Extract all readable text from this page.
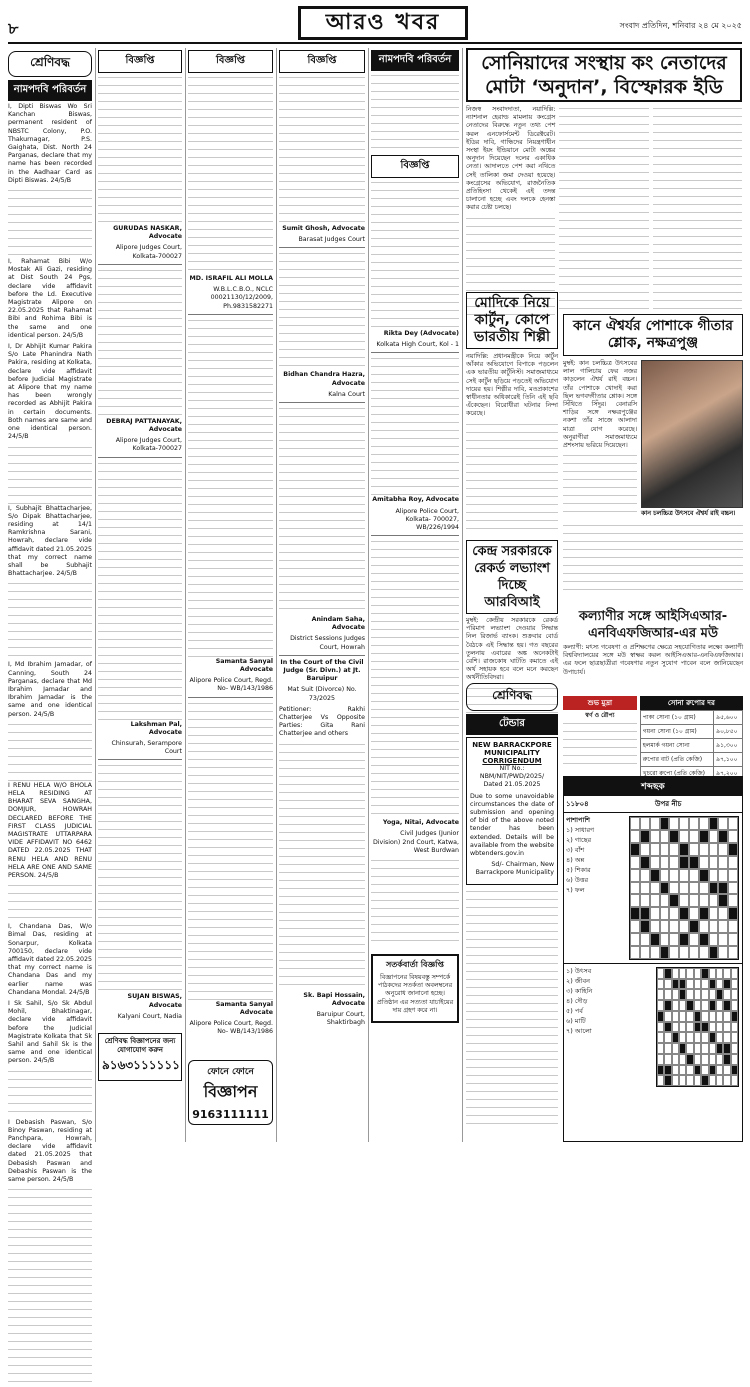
৮	আরও খবর	সংবাদ প্রতিদিন, শনিবার ২৪ মে ২০২৫
শ্রেণিবদ্ধ
নামপদবি পরিবর্তন

I, Dipti Biswas Wo Sri Kanchan Biswas, permanent resident of NBSTC Colony, P.O. Thakurnagar, P.S. Gaighata, Dist. North 24 Parganas, declare that my name has been recorded in the Aadhaar Card as Dipti Biswas. 24/5/B

I, Rahamat Bibi W/o Mostak Ali Gazi, residing at Dist South 24 Pgs, declare vide affidavit before the Ld. Executive Magistrate Alipore on 22.05.2025 that Rahamat Bibi and Rohima Bibi is the same and one identical person. 24/5/B

I, Dr Abhijit Kumar Pakira S/o Late Phanindra Nath Pakira, residing at Kolkata, declare vide affidavit before Judicial Magistrate at Alipore that my name has been wrongly recorded as Abhijit Pakira in certain documents. Both names are same and one identical person. 24/5/B

I, Subhajit Bhattacharjee, S/o Dipak Bhattacharjee, residing at 14/1 Ramkrishna Sarani, Howrah, declare vide affidavit dated 21.05.2025 that my correct name shall be Subhajit Bhattacharjee. 24/5/B

I, Md Ibrahim Jamadar, of Canning, South 24 Parganas, declare that Md Ibrahim Jamadar and Ibrahim Jamadar is the same and one identical person. 24/5/B

I RENU HELA W/O BHOLA HELA RESIDING AT BHARAT SEVA SANGHA, DOMJUR, HOWRAH DECLARED BEFORE THE FIRST CLASS JUDICIAL MAGISTRATE UTTARPARA VIDE AFFIDAVIT NO 6462 DATED 22.05.2025 THAT RENU HELA AND RENU HELA ARE ONE AND SAME PERSON. 24/5/B

I, Chandana Das, W/o Bimal Das, residing at Sonarpur, Kolkata 700150, declare vide affidavit dated 22.05.2025 that my correct name is Chandana Das and my earlier name was Chandana Mondal. 24/5/B

I Sk Sahil, S/o Sk Abdul Mohil, Bhaktinagar, declare vide affidavit before the Judicial Magistrate Kolkata that Sk Sahil and Sahil Sk is the same and one identical person. 24/5/B

I Debasish Paswan, S/o Binoy Paswan, residing at Panchpara, Howrah, declare vide affidavit dated 21.05.2025 that Debasish Paswan and Debashis Paswan is the same person. 24/5/B

বিজ্ঞপ্তি

GURUDAS NASKAR, Advocate

Alipore Judges Court, Kolkata-700027

DEBRAJ PATTANAYAK, Advocate

Alipore Judges Court, Kolkata-700027

Lakshman Pal, Advocate

Chinsurah, Serampore Court

SUJAN BISWAS, Advocate

Kalyani Court, Nadia

শ্রেণিবদ্ধ বিজ্ঞাপনের জন্য যোগাযোগ করুন
৯১৬৩১১১১১১
বিজ্ঞপ্তি

MD. ISRAFIL ALI MOLLA

W.B.L.C.B.O., NCLC 00021130/12/2009, Ph.9831582271

Samanta Sanyal Advocate

Alipore Police Court, Regd. No- WB/143/1986

Samanta Sanyal Advocate

Alipore Police Court, Regd. No- WB/143/1986

ফোনে ফোনে
বিজ্ঞাপন
9163111111
বিজ্ঞপ্তি

Sumit Ghosh, Advocate

Barasat Judges Court

Bidhan Chandra Hazra, Advocate

Kalna Court

Anindam Saha, Advocate

District Sessions Judges Court, Howrah

In the Court of the Civil Judge (Sr. Divn.) at Jt. Baruipur

Mat Suit (Divorce) No. 73/2025

Petitioner: Rakhi Chatterjee Vs Opposite Parties: Gita Rani Chatterjee and others

Sk. Bapi Hossain, Advocate

Baruipur Court, Shaktirbagh

নামপদবি পরিবর্তন
বিজ্ঞপ্তি

Rikta Dey (Advocate)

Kolkata High Court, Kol - 1

Amitabha Roy, Advocate

Alipore Police Court, Kolkata- 700027, WB/226/1994

Yoga, Nitai, Advocate

Civil Judges (Junior Division) 2nd Court, Katwa, West Burdwan

সতর্কবার্তা বিজ্ঞপ্তি

বিজ্ঞাপনের বিষয়বস্তু সম্পর্কে পাঠকদের সতর্কতা অবলম্বনের অনুরোধ জানানো হচ্ছে। প্রতিষ্ঠান এর সত্যতা যাচাইয়ের দায় গ্রহণ করে না।

সোনিয়াদের সংস্থায় কং নেতাদের
মোটা ‘অনুদান’, বিস্ফোরক ইডি

নিজস্ব সংবাদদাতা, নয়াদিল্লি: ন্যাশনাল হেরাল্ড মামলায় কংগ্রেস নেতাদের বিরুদ্ধে নতুন তথ্য পেশ করল এনফোর্সমেন্ট ডিরেক্টরেট। ইডির দাবি, গান্ধিদের নিয়ন্ত্রণাধীন সংস্থা ইয়ং ইন্ডিয়ানে মোটা অঙ্কের অনুদান দিয়েছেন দলের একাধিক নেতা। আদালতে পেশ করা নথিতে সেই তালিকা জমা দেওয়া হয়েছে। কংগ্রেসের অভিযোগ, রাজনৈতিক প্রতিহিংসা থেকেই এই তদন্ত চালানো হচ্ছে এবং দলকে হেনস্তা করার চেষ্টা চলছে।

মোদিকে নিয়ে কার্টুন, কোপে ভারতীয় শিল্পী

নয়াদিল্লি: প্রধানমন্ত্রীকে নিয়ে কার্টুন আঁকার অভিযোগে বিপাকে পড়লেন এক ভারতীয় কার্টুনিস্ট। সমাজমাধ্যমে সেই কার্টুন ছড়িয়ে পড়তেই অভিযোগ দায়ের হয়। শিল্পীর দাবি, মতপ্রকাশের স্বাধীনতার অধিকারেই তিনি এই ছবি এঁকেছেন। বিরোধীরা ঘটনার নিন্দা করেছে।

কানে ঐশ্বর্যর পোশাকে গীতার শ্লোক, নক্ষত্রপুঞ্জ

মুম্বই: কান চলচ্চিত্র উৎসবের লাল গালিচায় ফের নজর কাড়লেন ঐশ্বর্য রাই বচ্চন। তাঁর পোশাকে খোদাই করা ছিল ভগবদ্গীতার শ্লোক। সঙ্গে সিঁথিতে সিঁদুর। বেনারসি শাড়ির সঙ্গে নক্ষত্রপুঞ্জের নকশা তাঁর সাজে আলাদা মাত্রা যোগ করেছে। অনুরাগীরা সমাজমাধ্যমে প্রশংসায় ভরিয়ে দিয়েছেন।

কান চলচ্চিত্র উৎসবে ঐশ্বর্য রাই বচ্চন।

কেন্দ্র সরকারকে রেকর্ড লভ্যাংশ দিচ্ছে আরবিআই

মুম্বই: কেন্দ্রীয় সরকারকে রেকর্ড পরিমাণ লভ্যাংশ দেওয়ার সিদ্ধান্ত নিল রিজার্ভ ব্যাংক। শুক্রবার বোর্ড বৈঠকে এই সিদ্ধান্ত হয়। গত বছরের তুলনায় এবারের অঙ্ক অনেকটাই বেশি। রাজকোষ ঘাটতি কমাতে এই অর্থ সহায়ক হবে বলে মনে করছেন অর্থনীতিবিদরা।

কল্যাণীর সঙ্গে আইসিএআর-এনবিএফজিআর-এর মউ

কল্যাণী: মৎস্য গবেষণা ও প্রশিক্ষণের ক্ষেত্রে সহযোগিতার লক্ষ্যে কল্যাণী বিশ্ববিদ্যালয়ের সঙ্গে মউ স্বাক্ষর করল আইসিএআর-এনবিএফজিআর। এর ফলে ছাত্রছাত্রীরা গবেষণার নতুন সুযোগ পাবেন বলে জানিয়েছেন উপাচার্য।

শ্রেণিবদ্ধ
টেন্ডার
NEW BARRACKPORE MUNICIPALITY
CORRIGENDUM

NIT No.: NBM/NIT/PWD/2025/ Dated 21.05.2025

Due to some unavoidable circumstances the date of submission and opening of bid of the above noted tender has been extended. Details will be available from the website wbtenders.gov.in

Sd/- Chairman, New Barrackpore Municipality

শুভ মুদ্রা
স্বর্ণ ও রৌপ্য
সোনা রুপোর দর
পাকা সোনা (১০ গ্রাম)	৯৫,৬০০
গয়না সোনা (১০ গ্রাম)	৯০,৮৫০
হলমার্ক গয়না সোনা	৯১,৩০০
রুপোর বাট (প্রতি কেজি)	৯৭,১০০
খুচরো রুপো (প্রতি কেজি)	৯৭,২০০
শব্দছক
১১৮০৪	উপর নীচ
পাশাপাশি
১) সাধারণ
২) গাছের
৩) বাঁশ
৪) অন্ন
৫) শিকার
৬) উত্তর
৭) ফল
১) উৎসব
২) জীবন
৩) কাহিনি
৪) দৌড়
৫) পর্ব
৬) মাটি
৭) আলো
